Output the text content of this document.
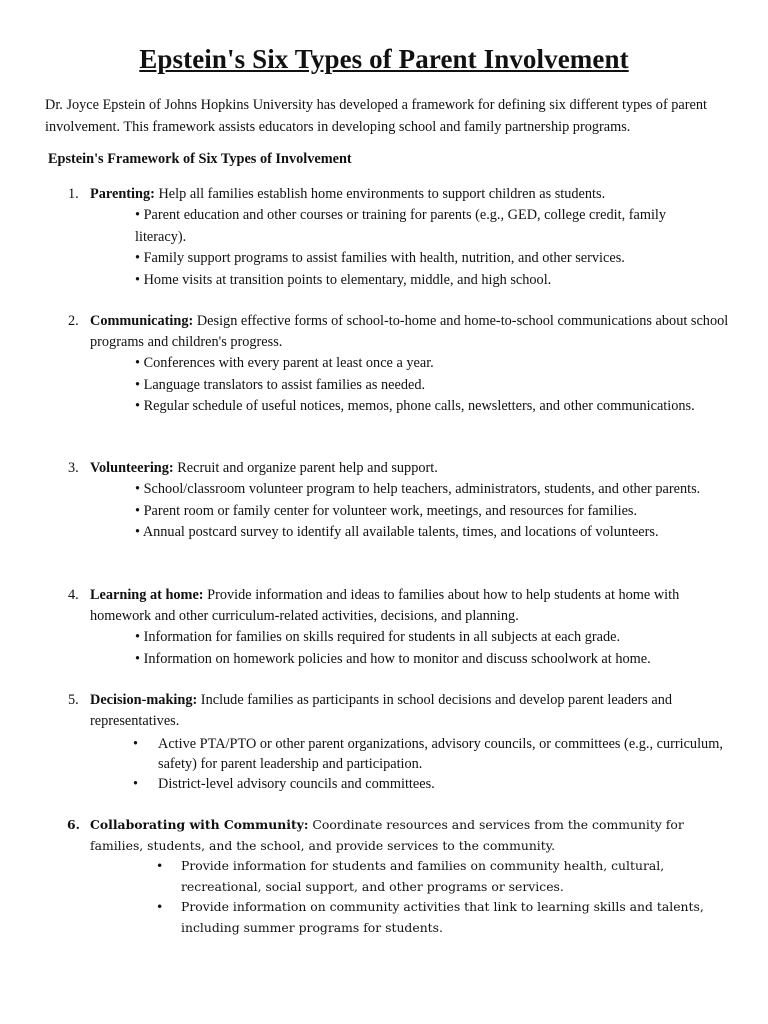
Epstein's Six Types of Parent Involvement
Dr. Joyce Epstein of Johns Hopkins University has developed a framework for defining six different types of parent involvement. This framework assists educators in developing school and family partnership programs.
Epstein's Framework of Six Types of Involvement
1. Parenting: Help all families establish home environments to support children as students.
• Parent education and other courses or training for parents (e.g., GED, college credit, family literacy).
• Family support programs to assist families with health, nutrition, and other services.
• Home visits at transition points to elementary, middle, and high school.
2. Communicating: Design effective forms of school-to-home and home-to-school communications about school programs and children's progress.
• Conferences with every parent at least once a year.
• Language translators to assist families as needed.
• Regular schedule of useful notices, memos, phone calls, newsletters, and other communications.
3. Volunteering: Recruit and organize parent help and support.
• School/classroom volunteer program to help teachers, administrators, students, and other parents.
• Parent room or family center for volunteer work, meetings, and resources for families.
• Annual postcard survey to identify all available talents, times, and locations of volunteers.
4. Learning at home: Provide information and ideas to families about how to help students at home with homework and other curriculum-related activities, decisions, and planning.
• Information for families on skills required for students in all subjects at each grade.
• Information on homework policies and how to monitor and discuss schoolwork at home.
5. Decision-making: Include families as participants in school decisions and develop parent leaders and representatives.
• Active PTA/PTO or other parent organizations, advisory councils, or committees (e.g., curriculum, safety) for parent leadership and participation.
• District-level advisory councils and committees.
6. Collaborating with Community: Coordinate resources and services from the community for families, students, and the school, and provide services to the community.
• Provide information for students and families on community health, cultural, recreational, social support, and other programs or services.
• Provide information on community activities that link to learning skills and talents, including summer programs for students.
